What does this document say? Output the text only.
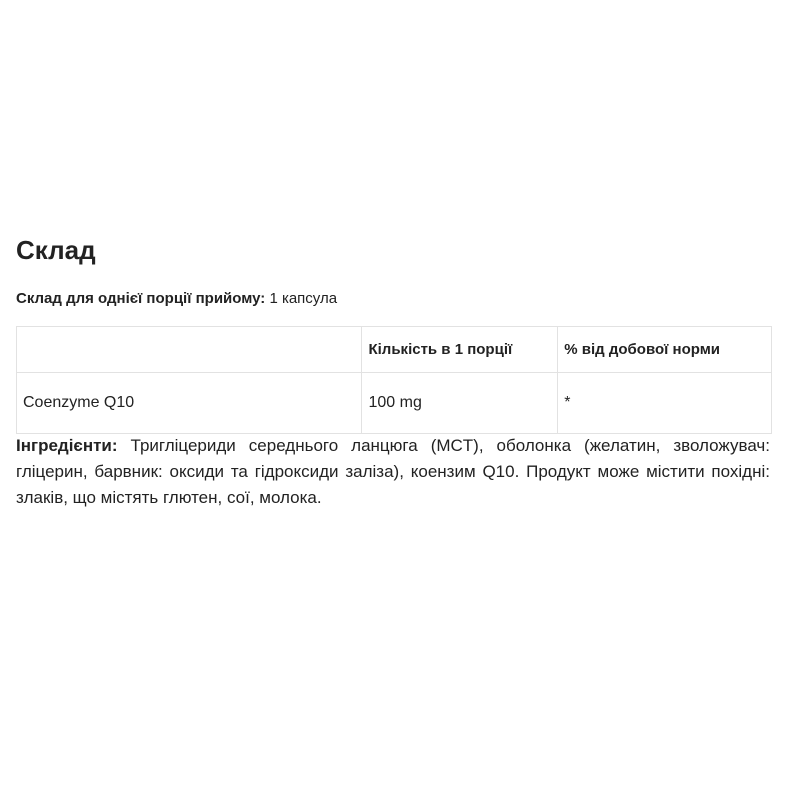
Склад
Склад для однієї порції прийому: 1 капсула
	Кількість в 1 порції	% від добової норми
Coenzyme Q10	100 mg	*

Інгредієнти: Тригліцериди середнього ланцюга (MCT), оболонка (желатин, зволожувач: гліцерин, барвник: оксиди та гідроксиди заліза), коензим Q10. Продукт може містити похідні: злаків, що містять глютен, сої, молока.
